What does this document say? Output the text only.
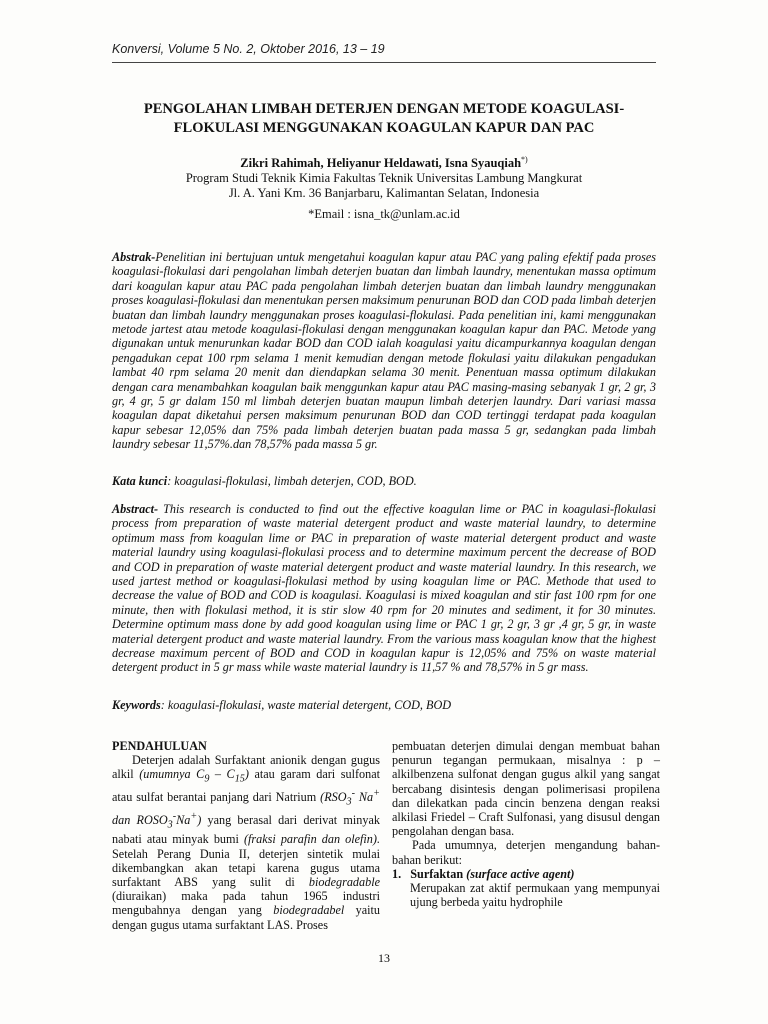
Konversi, Volume 5 No. 2, Oktober 2016, 13 – 19
PENGOLAHAN LIMBAH DETERJEN DENGAN METODE KOAGULASI-
FLOKULASI MENGGUNAKAN KOAGULAN KAPUR DAN PAC
Zikri Rahimah, Heliyanur Heldawati, Isna Syauqiah*)
Program Studi Teknik Kimia Fakultas Teknik Universitas Lambung Mangkurat
Jl. A. Yani Km. 36 Banjarbaru, Kalimantan Selatan, Indonesia
*Email : isna_tk@unlam.ac.id
Abstrak-Penelitian ini bertujuan untuk mengetahui koagulan kapur atau PAC yang paling efektif pada proses koagulasi-flokulasi dari pengolahan limbah deterjen buatan dan limbah laundry, menentukan massa optimum dari koagulan kapur atau PAC pada pengolahan limbah deterjen buatan dan limbah laundry menggunakan proses koagulasi-flokulasi dan menentukan persen maksimum penurunan BOD dan COD pada limbah deterjen buatan dan limbah laundry menggunakan proses koagulasi-flokulasi. Pada penelitian ini, kami menggunakan metode jartest atau metode koagulasi-flokulasi dengan menggunakan koagulan kapur dan PAC. Metode yang digunakan untuk menurunkan kadar BOD dan COD ialah koagulasi yaitu dicampurkannya koagulan dengan pengadukan cepat 100 rpm selama 1 menit kemudian dengan metode flokulasi yaitu dilakukan pengadukan lambat 40 rpm selama 20 menit dan diendapkan selama 30 menit. Penentuan massa optimum dilakukan dengan cara menambahkan koagulan baik menggunkan kapur atau PAC masing-masing sebanyak 1 gr, 2 gr, 3 gr, 4 gr, 5 gr dalam 150 ml limbah deterjen buatan maupun limbah deterjen laundry. Dari variasi massa koagulan dapat diketahui persen maksimum penurunan BOD dan COD tertinggi terdapat pada koagulan kapur sebesar 12,05% dan 75% pada limbah deterjen buatan pada massa 5 gr, sedangkan pada limbah laundry sebesar 11,57%.dan 78,57% pada massa 5 gr.
Kata kunci: koagulasi-flokulasi, limbah deterjen, COD, BOD.
Abstract- This research is conducted to find out the effective koagulan lime or PAC in koagulasi-flokulasi process from preparation of waste material detergent product and waste material laundry, to determine optimum mass from koagulan lime or PAC in preparation of waste material detergent product and waste material laundry using koagulasi-flokulasi process and to determine maximum percent the decrease of BOD and COD in preparation of waste material detergent product and waste material laundry. In this research, we used jartest method or koagulasi-flokulasi method by using koagulan lime or PAC. Methode that used to decrease the value of BOD and COD is koagulasi. Koagulasi is mixed koagulan and stir fast 100 rpm for one minute, then with flokulasi method, it is stir slow 40 rpm for 20 minutes and sediment, it for 30 minutes. Determine optimum mass done by add good koagulan using lime or PAC 1 gr, 2 gr, 3 gr ,4 gr, 5 gr, in waste material detergent product and waste material laundry. From the various mass koagulan know that the highest decrease maximum percent of BOD and COD in koagulan kapur is 12,05% and 75% on waste material detergent product in 5 gr mass while waste material laundry is 11,57 % and 78,57% in 5 gr mass.
Keywords: koagulasi-flokulasi, waste material detergent, COD, BOD

PENDAHULUAN

Deterjen adalah Surfaktant anionik dengan gugus alkil (umumnya $C_9 - C_{15}$) atau garam dari sulfonat atau sulfat berantai panjang dari Natrium ($RSO_3^-$ Na+ dan $ROSO_3^-Na^+$) yang berasal dari derivat minyak nabati atau minyak bumi (fraksi parafin dan olefin). Setelah Perang Dunia II, deterjen sintetik mulai dikembangkan akan tetapi karena gugus utama surfaktant ABS yang sulit di biodegradable (diuraikan) maka pada tahun 1965 industri mengubahnya dengan yang biodegradabel yaitu dengan gugus utama surfaktant LAS. Proses

pembuatan deterjen dimulai dengan membuat bahan penurun tegangan permukaan, misalnya : p – alkilbenzena sulfonat dengan gugus alkil yang sangat bercabang disintesis dengan polimerisasi propilena dan dilekatkan pada cincin benzena dengan reaksi alkilasi Friedel – Craft Sulfonasi, yang disusul dengan pengolahan dengan basa.

Pada umumnya, deterjen mengandung bahan-bahan berikut:

1. Surfaktan (surface active agent)

Merupakan zat aktif permukaan yang mempunyai ujung berbeda yaitu hydrophile

13
